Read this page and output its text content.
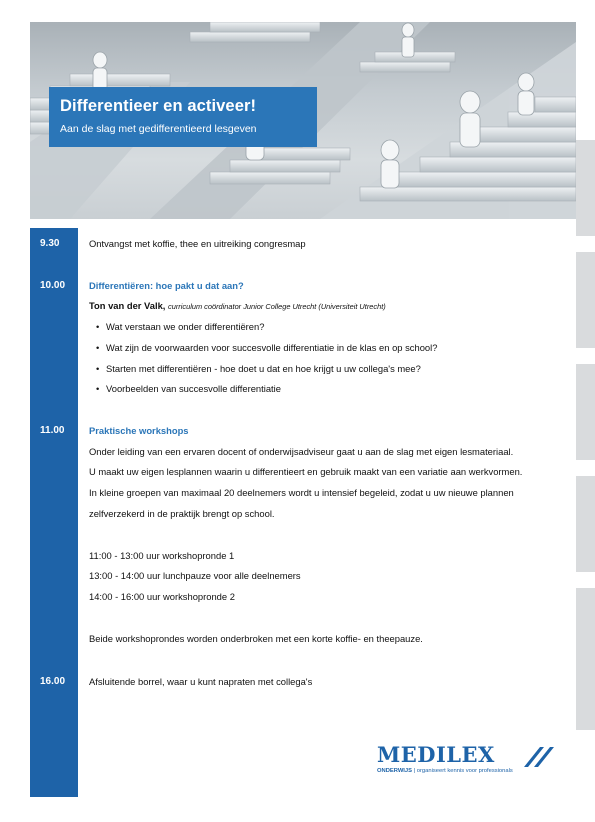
Differentieer en activeer!
Aan de slag met gedifferentieerd lesgeven
9.30	Ontvangst met koffie, thee en uitreiking congresmap
10.00	Differentiëren: hoe pakt u dat aan?
Ton van der Valk, curriculum coördinator Junior College Utrecht (Universiteit Utrecht)
• Wat verstaan we onder differentiëren?
• Wat zijn de voorwaarden voor succesvolle differentiatie in de klas en op school?
• Starten met differentiëren - hoe doet u dat en hoe krijgt u uw collega's mee?
• Voorbeelden van succesvolle differentiatie
11.00	Praktische workshops
Onder leiding van een ervaren docent of onderwijsadviseur gaat u aan de slag met eigen lesmateriaal.
U maakt uw eigen lesplannen waarin u differentieert en gebruik maakt van een variatie aan werkvormen.
In kleine groepen van maximaal 20 deelnemers wordt u intensief begeleid, zodat u uw nieuwe plannen
zelfverzekerd in de praktijk brengt op school.
11:00 - 13:00 uur workshopronde 1
13:00 - 14:00 uur lunchpauze voor alle deelnemers
14:00 - 16:00 uur workshopronde 2
Beide workshoprondes worden onderbroken met een korte koffie- en theepauze.
16.00	Afsluitende borrel, waar u kunt napraten met collega's
MEDILEX
ONDERWIJS | organiseert kennis voor professionals
